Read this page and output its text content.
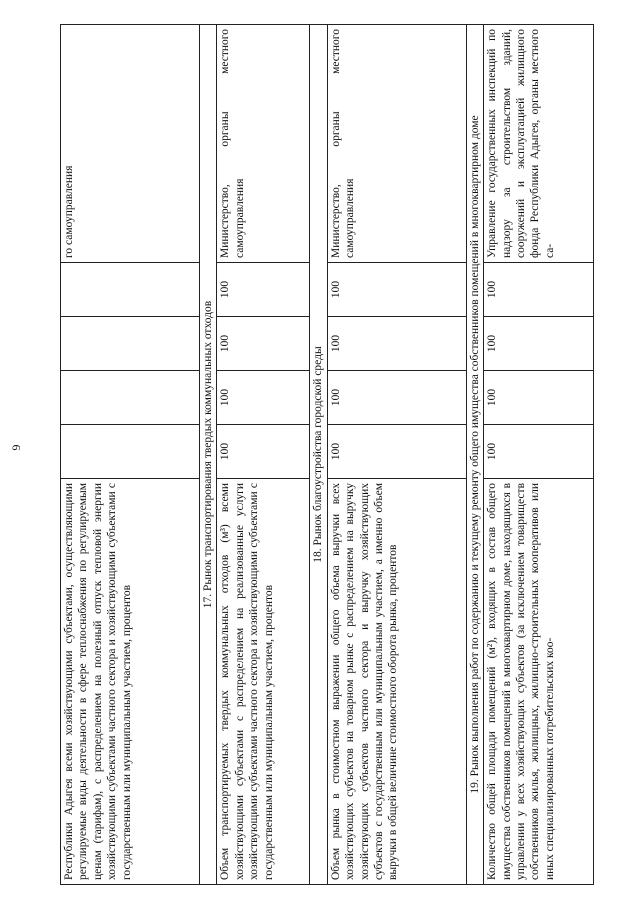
6
Республики Адыгея всеми хозяйствующими субъектами, осуществляющими регулируемые виды деятельности в сфере теплоснабжения по регулируемым ценам (тарифам), с распределением на полезный отпуск тепловой энергии хозяйствующими субъектами частного сектора и хозяйствующими субъектами с государственным или муниципальным участием, процентов					го самоуправления
17. Рынок транспортирования твердых коммунальных отходов					
Объем транспортируемых твердых коммунальных отходов (м³) всеми хозяйствующими субъектами с распределением на реализованные услуги хозяйствующими субъектами частного сектора и хозяйствующими субъектами с государственным или муниципальным участием, процентов	100	100	100	100	Министерство, органы местного самоуправления
18. Рынок благоустройства городской среды					
Объем рынка в стоимостном выражении общего объема выручки всех хозяйствующих субъектов на товарном рынке с распределением на выручку хозяйствующих субъектов частного сектора и выручку хозяйствующих субъектов с государственным или муниципальным участием, а именно объем выручки в общей величине стоимостного оборота рынка, процентов	100	100	100	100	Министерство, органы местного самоуправления
19. Рынок выполнения работ по содержанию и текущему ремонту общего имущества собственников помещений в многоквартирном доме					
Количество общей площади помещений (м²), входящих в состав общего имущества собственников помещений в многоквартирном доме, находящихся в управлении у всех хозяйствующих субъектов (за исключением товариществ собственников жилья, жилищных, жилищно-строительных кооперативов или иных специализированных потребительских коо-	100	100	100	100	Управление государственных инспекций по надзору за строительством зданий, сооружений и эксплуатацией жилищного фонда Республики Адыгея, органы местного са-
